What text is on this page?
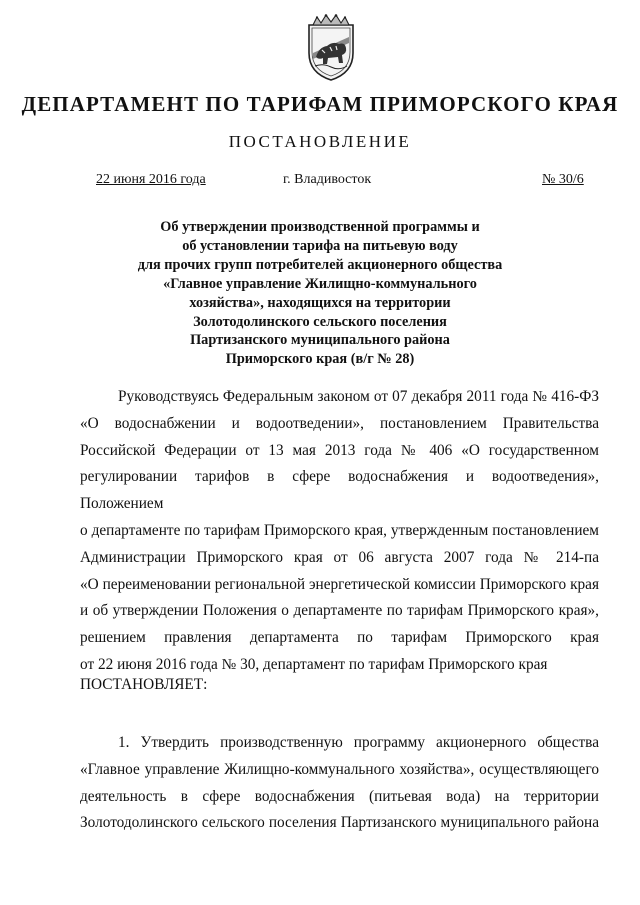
ДЕПАРТАМЕНТ ПО ТАРИФАМ ПРИМОРСКОГО КРАЯ
ПОСТАНОВЛЕНИЕ
22 июня 2016 года	г. Владивосток	№ 30/6
Об утверждении производственной программы и
об установлении тарифа на питьевую воду
для прочих групп потребителей акционерного общества
«Главное управление Жилищно-коммунального
хозяйства», находящихся на территории
Золотодолинского сельского поселения
Партизанского муниципального района
Приморского края (в/г № 28)
Руководствуясь Федеральным законом от 07 декабря 2011 года № 416-ФЗ
«О водоснабжении и водоотведении», постановлением Правительства
Российской Федерации от 13 мая 2013 года № 406 «О государственном
регулировании тарифов в сфере водоснабжения и водоотведения», Положением
о департаменте по тарифам Приморского края, утвержденным постановлением
Администрации Приморского края от 06 августа 2007 года № 214-па
«О переименовании региональной энергетической комиссии Приморского края
и об утверждении Положения о департаменте по тарифам Приморского края»,
решением правления департамента по тарифам Приморского края
от 22 июня 2016 года № 30, департамент по тарифам Приморского края
ПОСТАНОВЛЯЕТ:
1. Утвердить производственную программу акционерного общества
«Главное управление Жилищно-коммунального хозяйства», осуществляющего
деятельность в сфере водоснабжения (питьевая вода) на территории
Золотодолинского сельского поселения Партизанского муниципального района
